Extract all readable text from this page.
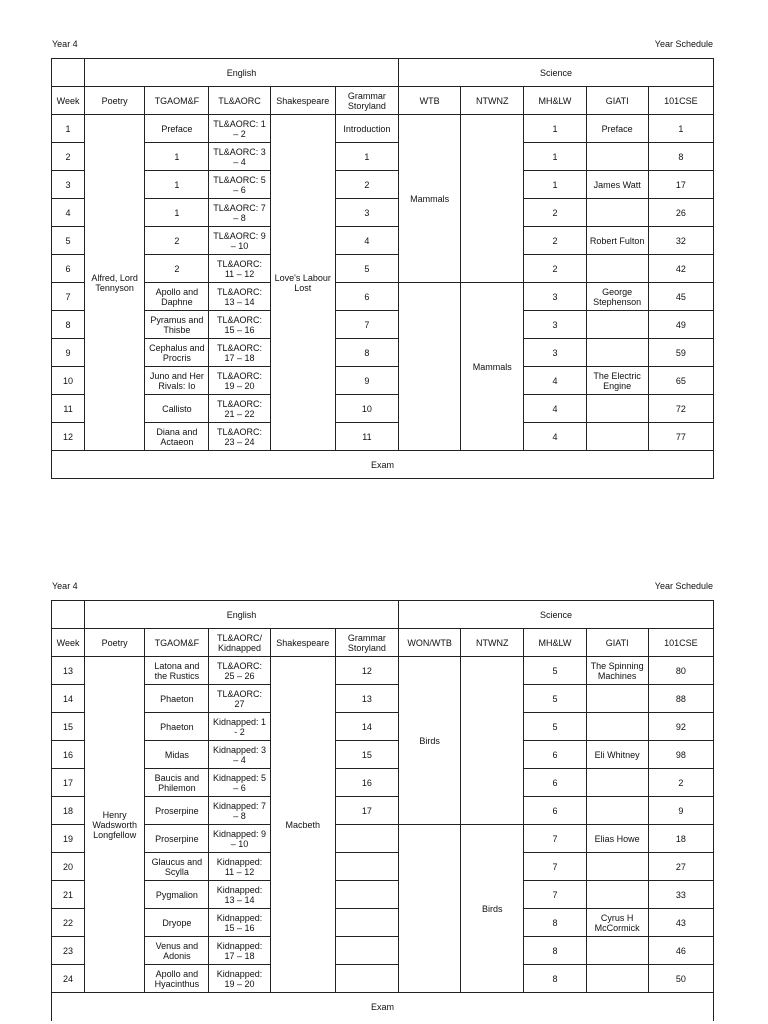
Year 4	Year Schedule
	English					Science				
Week	Poetry	TGAOM&F	TL&AORC	Shakespeare	Grammar Storyland	WTB	NTWNZ	MH&LW	GIATI	101CSE
1	Alfred, Lord Tennyson	Preface	TL&AORC: 1 – 2	Love's Labour Lost	Introduction	Mammals		1	Preface	1
2		1	TL&AORC: 3 – 4		1			1		8
3		1	TL&AORC: 5 – 6		2			1	James Watt	17
4		1	TL&AORC: 7 – 8		3			2		26
5		2	TL&AORC: 9 – 10		4			2	Robert Fulton	32
6		2	TL&AORC: 11 – 12		5			2		42
7		Apollo and Daphne	TL&AORC: 13 – 14		6		Mammals	3	George Stephenson	45
8		Pyramus and Thisbe	TL&AORC: 15 – 16		7			3		49
9		Cephalus and Procris	TL&AORC: 17 – 18		8			3		59
10		Juno and Her Rivals: Io	TL&AORC: 19 – 20		9			4	The Electric Engine	65
11		Callisto	TL&AORC: 21 – 22		10			4		72
12		Diana and Actaeon	TL&AORC: 23 – 24		11			4		77
Exam										
Year 4	Year Schedule
	English					Science				
Week	Poetry	TGAOM&F	TL&AORC/ Kidnapped	Shakespeare	Grammar Storyland	WON/WTB	NTWNZ	MH&LW	GIATI	101CSE
13	Henry Wadsworth Longfellow	Latona and the Rustics	TL&AORC: 25 – 26	Macbeth	12	Birds		5	The Spinning Machines	80
14		Phaeton	TL&AORC: 27		13			5		88
15		Phaeton	Kidnapped: 1 - 2		14			5		92
16		Midas	Kidnapped: 3 – 4		15			6	Eli Whitney	98
17		Baucis and Philemon	Kidnapped: 5 – 6		16			6		2
18		Proserpine	Kidnapped: 7 – 8		17			6		9
19		Proserpine	Kidnapped: 9 – 10				Birds	7	Elias Howe	18
20		Glaucus and Scylla	Kidnapped: 11 – 12					7		27
21		Pygmalion	Kidnapped: 13 – 14					7		33
22		Dryope	Kidnapped: 15 – 16					8	Cyrus H McCormick	43
23		Venus and Adonis	Kidnapped: 17 – 18					8		46
24		Apollo and Hyacinthus	Kidnapped: 19 – 20					8		50
Exam										
